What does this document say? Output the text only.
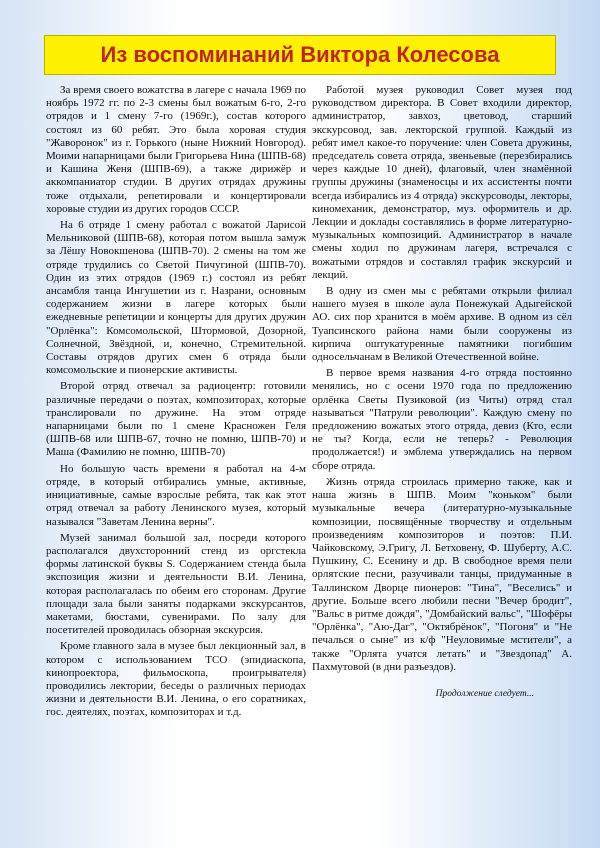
Из воспоминаний Виктора Колесова

За время своего вожатства в лагере с начала 1969 по ноябрь 1972 гг. по 2-3 смены был вожатым 6-го, 2-го отрядов и 1 смену 7-го (1969г.), состав которого состоял из 60 ребят. Это была хоровая студия "Жаворонок" из г. Горького (ныне Нижний Новгород). Моими напарницами были Григорьева Нина (ШПВ-68) и Кашина Женя (ШПВ-69), а также дирижёр и аккомпаниатор студии. В других отрядах дружины тоже отдыхали, репетировали и концертировали хоровые студии из других городов СССР.

На 6 отряде 1 смену работал с вожатой Ларисой Мельниковой (ШПВ-68), которая потом вышла замуж за Лёшу Новокшенова (ШПВ-70). 2 смены на том же отряде трудились со Светой Пичугиной (ШПВ-70). Один из этих отрядов (1969 г.) состоял из ребят ансамбля танца Ингушетии из г. Назрани, основным содержанием жизни в лагере которых были ежедневные репетиции и концерты для других дружин "Орлёнка": Комсомольской, Штормовой, Дозорной, Солнечной, Звёздной, и, конечно, Стремительной. Составы отрядов других смен 6 отряда были комсомольские и пионерские активисты.

Второй отряд отвечал за радиоцентр: готовили различные передачи о поэтах, композиторах, которые транслировали по дружине. На этом отряде напарницами были по 1 смене Красножен Геля (ШПВ-68 или ШПВ-67, точно не помню, ШПВ-70) и Маша (Фамилию не помню, ШПВ-70)

Но большую часть времени я работал на 4-м отряде, в который отбирались умные, активные, инициативные, самые взрослые ребята, так как этот отряд отвечал за работу Ленинского музея, который назывался "Заветам Ленина верны".

Музей занимал большой зал, посреди которого располагался двухсторонний стенд из оргстекла формы латинской буквы S. Содержанием стенда была экспозиция жизни и деятельности В.И. Ленина, которая располагалась по обеим его сторонам. Другие площади зала были заняты подарками экскурсантов, макетами, бюстами, сувенирами. По залу для посетителей проводилась обзорная экскурсия.

Кроме главного зала в музее был лекционный зал, в котором с использованием ТСО (эпидиаскопа, кинопроектора, фильмоскопа, проигрывателя) проводились лектории, беседы о различных периодах жизни и деятельности В.И. Ленина, о его соратниках, гос. деятелях, поэтах, композиторах и т.д.

Работой музея руководил Совет музея под руководством директора. В Совет входили директор, администратор, завхоз, цветовод, старший экскурсовод, зав. лекторской группой. Каждый из ребят имел какое-то поручение: член Совета дружины, председатель совета отряда, звеньевые (перезбирались через каждые 10 дней), флаговый, член знамённой группы дружины (знаменосцы и их ассистенты почти всегда избирались из 4 отряда) экскурсоводы, лекторы, киномеханик, демонстратор, муз. оформитель и др. Лекции и доклады составлялись в форме литературно-музыкальных композиций. Администратор в начале смены ходил по дружинам лагеря, встречался с вожатыми отрядов и составлял график экскурсий и лекций.

В одну из смен мы с ребятами открыли филиал нашего музея в школе аула Понежукай Адыгейской АО. сих пор хранится в моём архиве. В одном из сёл Туапсинского района нами были сооружены из кирпича оштукатуренные памятники погибшим односельчанам в Великой Отечественной войне.

В первое время названия 4-го отряда постоянно менялись, но с осени 1970 года по предложению орлёнка Светы Пузиковой (из Читы) отряд стал называться "Патрули революции". Каждую смену по предложению вожатых этого отряда, девиз (Кто, если не ты? Когда, если не теперь? - Революция продолжается!) и эмблема утверждались на первом сборе отряда.

Жизнь отряда строилась примерно также, как и наша жизнь в ШПВ. Моим "коньком" были музыкальные вечера (литературно-музыкальные композиции, посвящённые творчеству и отдельным произведениям композиторов и поэтов: П.И. Чайковскому, Э.Григу, Л. Бетховену, Ф. Шуберту, А.С. Пушкину, С. Есенину и др. В свободное время пели орлятские песни, разучивали танцы, придуманные в Таллинском Дворце пионеров: "Тина", "Веселись" и другие. Больше всего любили песни "Вечер бродит", "Вальс в ритме дождя", "Домбайский вальс", "Шофёры "Орлёнка", "Аю-Даг", "Октябрёнок", "Погоня" и "Не печалься о сыне" из к/ф "Неуловимые мстители", а также "Орлята учатся летать" и "Звездопад" А. Пахмутовой (в дни разъездов).

Продолжение следует...
